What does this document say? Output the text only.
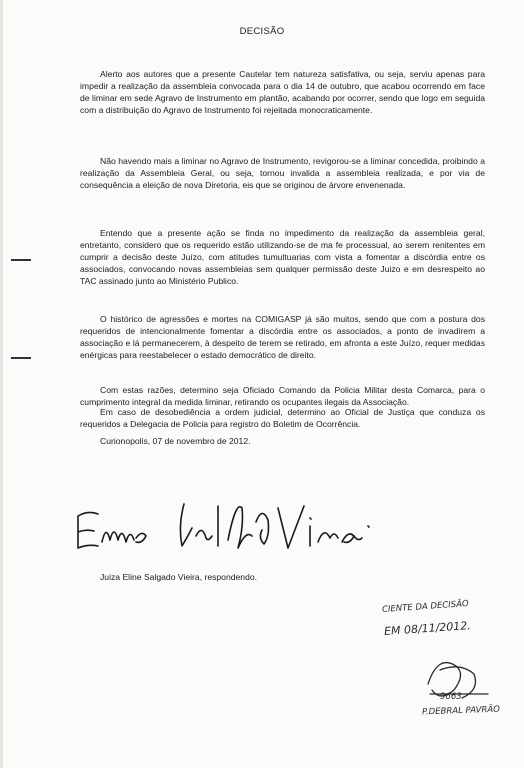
DECISÃO

Alerto aos autores que a presente Cautelar tem natureza satisfativa, ou seja, serviu apenas para impedir a realização da assembleia convocada para o dia 14 de outubro, que acabou ocorrendo em face de liminar em sede Agravo de Instrumento em plantão, acabando por ocorrer, sendo que logo em seguida com a distribuição do Agravo de Instrumento foi rejeitada monocraticamente.

Não havendo mais a liminar no Agravo de Instrumento, revigorou-se a liminar concedida, proibindo a realização da Assembleia Geral, ou seja, tornou invalida a assembleia realizada, e por via de consequência a eleição de nova Diretoria, eis que se originou de árvore envenenada.

Entendo que a presente ação se finda no impedimento da realização da assembleia geral, entretanto, considero que os requerido estão utilizando-se de ma fe processual, ao serem renitentes em cumprir a decisão deste Juízo, com atitudes tumultuarias com vista a fomentar a discórdia entre os associados, convocando novas assembleias sem qualquer permissão deste Juizo e em desrespeito ao TAC assinado junto ao Ministério Publico.

O histórico de agressões e mortes na COMIGASP já são muitos, sendo que com a postura dos requeridos de intencionalmente fomentar a discórdia entre os associados, a ponto de invadirem a associação e lá permanecerem, à despeito de terem se retirado, em afronta a este Juízo, requer medidas enérgicas para reestabelecer o estado democrático de direito.

Com estas razões, determino seja Oficiado Comando da Policia Militar desta Comarca, para o cumprimento integral da medida liminar, retirando os ocupantes ilegais da Associação.

Em caso de desobediência a ordem judicial, determino ao Oficial de Justiça que conduza os requeridos a Delegacia de Policia para registro do Boletim de Ocorrência.

Curionopolis, 07 de novembro de 2012.
Juiza Eline Salgado Vieira, respondendo.
CIENTE DA DECISÃO
EM 08/11/2012.
9663
P.DEBRAL PAVRÃO
